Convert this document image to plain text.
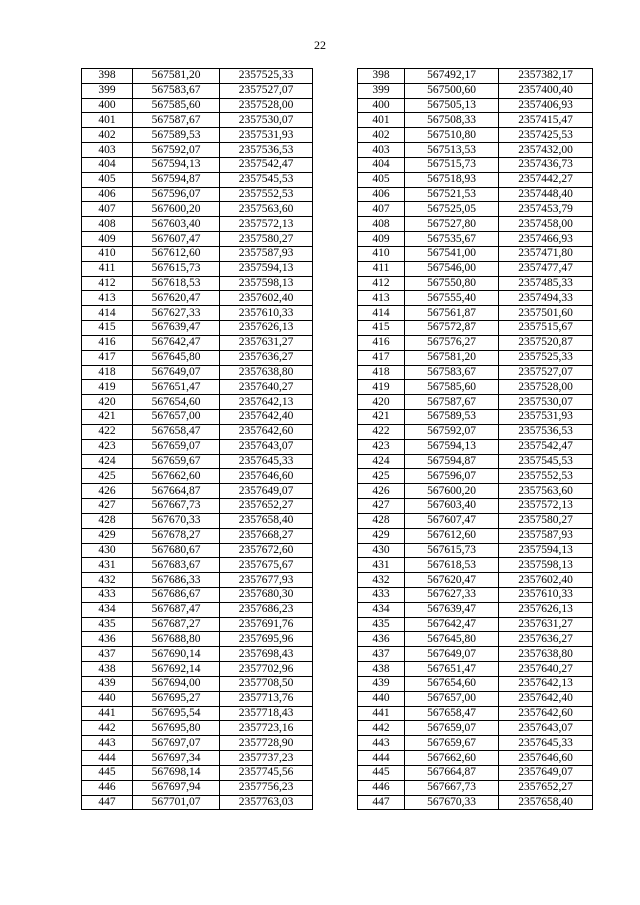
22
398	567581,20	2357525,33		398	567492,17	2357382,17
399	567583,67	2357527,07		399	567500,60	2357400,40
400	567585,60	2357528,00		400	567505,13	2357406,93
401	567587,67	2357530,07		401	567508,33	2357415,47
402	567589,53	2357531,93		402	567510,80	2357425,53
403	567592,07	2357536,53		403	567513,53	2357432,00
404	567594,13	2357542,47		404	567515,73	2357436,73
405	567594,87	2357545,53		405	567518,93	2357442,27
406	567596,07	2357552,53		406	567521,53	2357448,40
407	567600,20	2357563,60		407	567525,05	2357453,79
408	567603,40	2357572,13		408	567527,80	2357458,00
409	567607,47	2357580,27		409	567535,67	2357466,93
410	567612,60	2357587,93		410	567541,00	2357471,80
411	567615,73	2357594,13		411	567546,00	2357477,47
412	567618,53	2357598,13		412	567550,80	2357485,33
413	567620,47	2357602,40		413	567555,40	2357494,33
414	567627,33	2357610,33		414	567561,87	2357501,60
415	567639,47	2357626,13		415	567572,87	2357515,67
416	567642,47	2357631,27		416	567576,27	2357520,87
417	567645,80	2357636,27		417	567581,20	2357525,33
418	567649,07	2357638,80		418	567583,67	2357527,07
419	567651,47	2357640,27		419	567585,60	2357528,00
420	567654,60	2357642,13		420	567587,67	2357530,07
421	567657,00	2357642,40		421	567589,53	2357531,93
422	567658,47	2357642,60		422	567592,07	2357536,53
423	567659,07	2357643,07		423	567594,13	2357542,47
424	567659,67	2357645,33		424	567594,87	2357545,53
425	567662,60	2357646,60		425	567596,07	2357552,53
426	567664,87	2357649,07		426	567600,20	2357563,60
427	567667,73	2357652,27		427	567603,40	2357572,13
428	567670,33	2357658,40		428	567607,47	2357580,27
429	567678,27	2357668,27		429	567612,60	2357587,93
430	567680,67	2357672,60		430	567615,73	2357594,13
431	567683,67	2357675,67		431	567618,53	2357598,13
432	567686,33	2357677,93		432	567620,47	2357602,40
433	567686,67	2357680,30		433	567627,33	2357610,33
434	567687,47	2357686,23		434	567639,47	2357626,13
435	567687,27	2357691,76		435	567642,47	2357631,27
436	567688,80	2357695,96		436	567645,80	2357636,27
437	567690,14	2357698,43		437	567649,07	2357638,80
438	567692,14	2357702,96		438	567651,47	2357640,27
439	567694,00	2357708,50		439	567654,60	2357642,13
440	567695,27	2357713,76		440	567657,00	2357642,40
441	567695,54	2357718,43		441	567658,47	2357642,60
442	567695,80	2357723,16		442	567659,07	2357643,07
443	567697,07	2357728,90		443	567659,67	2357645,33
444	567697,34	2357737,23		444	567662,60	2357646,60
445	567698,14	2357745,56		445	567664,87	2357649,07
446	567697,94	2357756,23		446	567667,73	2357652,27
447	567701,07	2357763,03		447	567670,33	2357658,40
